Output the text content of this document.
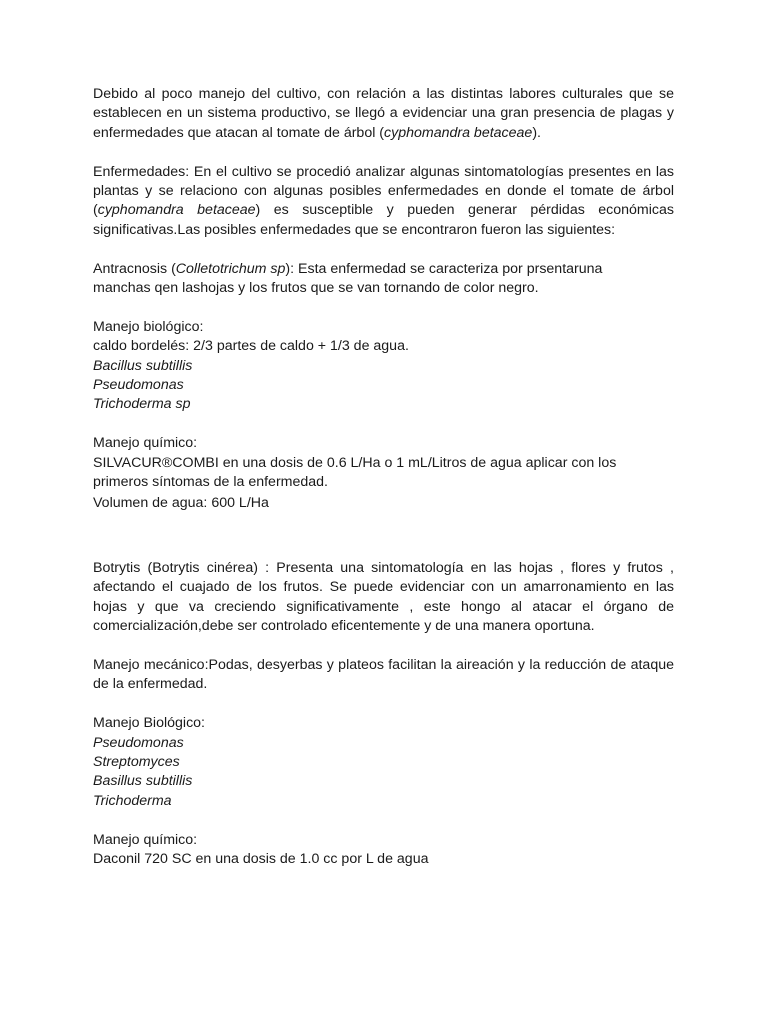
Debido al poco manejo del cultivo, con relación a las distintas labores culturales que se establecen en un sistema productivo, se llegó a evidenciar una gran presencia de plagas y enfermedades que atacan al tomate de árbol (cyphomandra betaceae).

Enfermedades: En el cultivo se procedió analizar algunas sintomatologías presentes en las plantas y se relaciono con algunas posibles enfermedades en donde el tomate de árbol (cyphomandra betaceae) es susceptible y pueden generar pérdidas económicas significativas.Las posibles enfermedades que se encontraron fueron las siguientes:

Antracnosis (Colletotrichum sp): Esta enfermedad se caracteriza por prsentaruna
manchas qen lashojas y los frutos que se van tornando de color negro.

Manejo biológico:
caldo bordelés: 2/3 partes de caldo + 1/3 de agua.
Bacillus subtillis
Pseudomonas
Trichoderma sp
Manejo químico:
SILVACUR®COMBI en una dosis de 0.6 L/Ha o 1 mL/Litros de agua aplicar con los
primeros síntomas de la enfermedad.
Volumen de agua: 600 L/Ha

Botrytis (Botrytis cinérea) : Presenta una sintomatología en las hojas , flores y frutos , afectando el cuajado de los frutos. Se puede evidenciar con un amarronamiento en las hojas y que va creciendo significativamente , este hongo al atacar el órgano de comercialización,debe ser controlado eficentemente y de una manera oportuna.

Manejo mecánico:Podas, desyerbas y plateos facilitan la aireación y la reducción de ataque de la enfermedad.

Manejo Biológico:
Pseudomonas
Streptomyces
Basillus subtillis
Trichoderma
Manejo químico:
Daconil 720 SC en una dosis de 1.0 cc por L de agua
